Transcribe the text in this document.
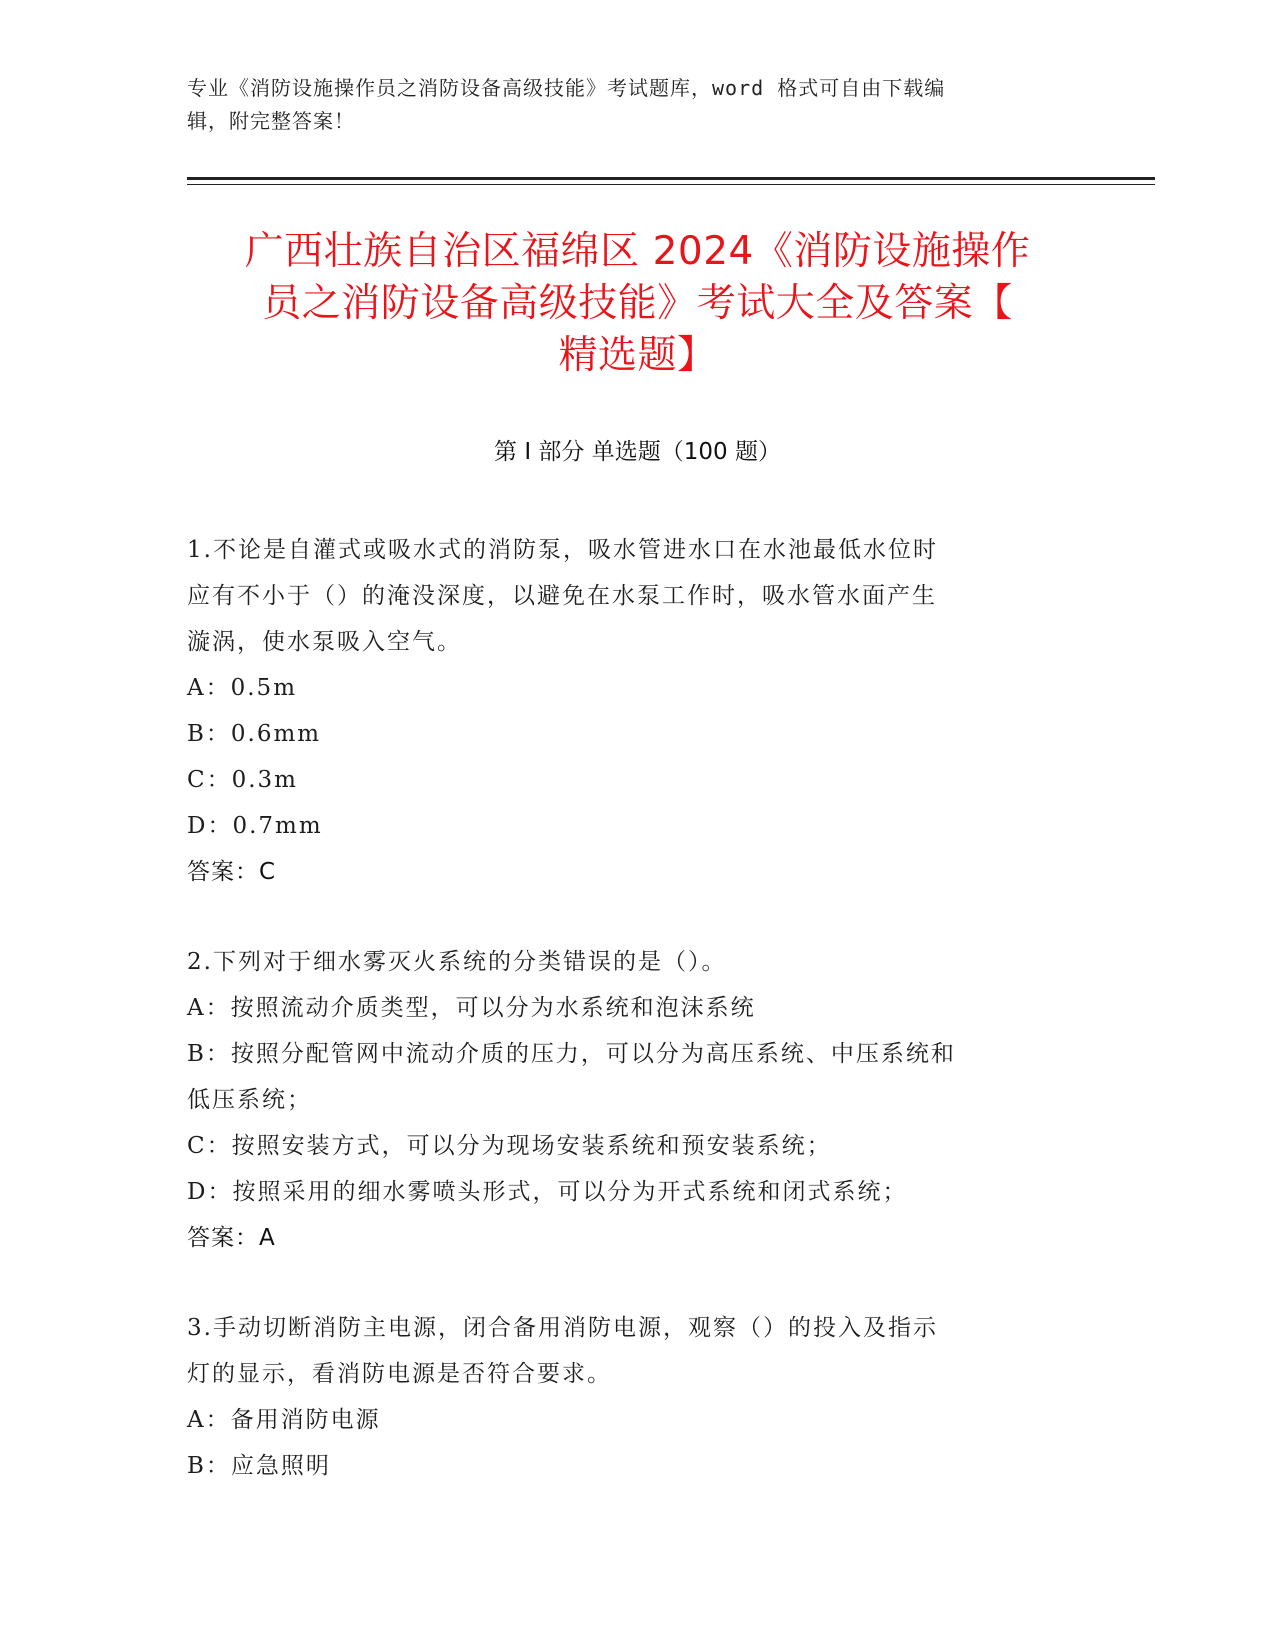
专业《消防设施操作员之消防设备高级技能》考试题库，word 格式可自由下载编
辑，附完整答案！
广西壮族自治区福绵区 2024《消防设施操作
员之消防设备高级技能》考试大全及答案【
精选题】
第 I 部分 单选题（100 题）

1.不论是自灌式或吸水式的消防泵，吸水管进水口在水池最低水位时

应有不小于（）的淹没深度，以避免在水泵工作时，吸水管水面产生

漩涡，使水泵吸入空气。

A：0.5m

B：0.6mm

C：0.3m

D：0.7mm

答案：C

2.下列对于细水雾灭火系统的分类错误的是（）。

A：按照流动介质类型，可以分为水系统和泡沫系统

B：按照分配管网中流动介质的压力，可以分为高压系统、中压系统和

低压系统；

C：按照安装方式，可以分为现场安装系统和预安装系统；

D：按照采用的细水雾喷头形式，可以分为开式系统和闭式系统；

答案：A

3.手动切断消防主电源，闭合备用消防电源，观察（）的投入及指示

灯的显示，看消防电源是否符合要求。

A：备用消防电源

B：应急照明
